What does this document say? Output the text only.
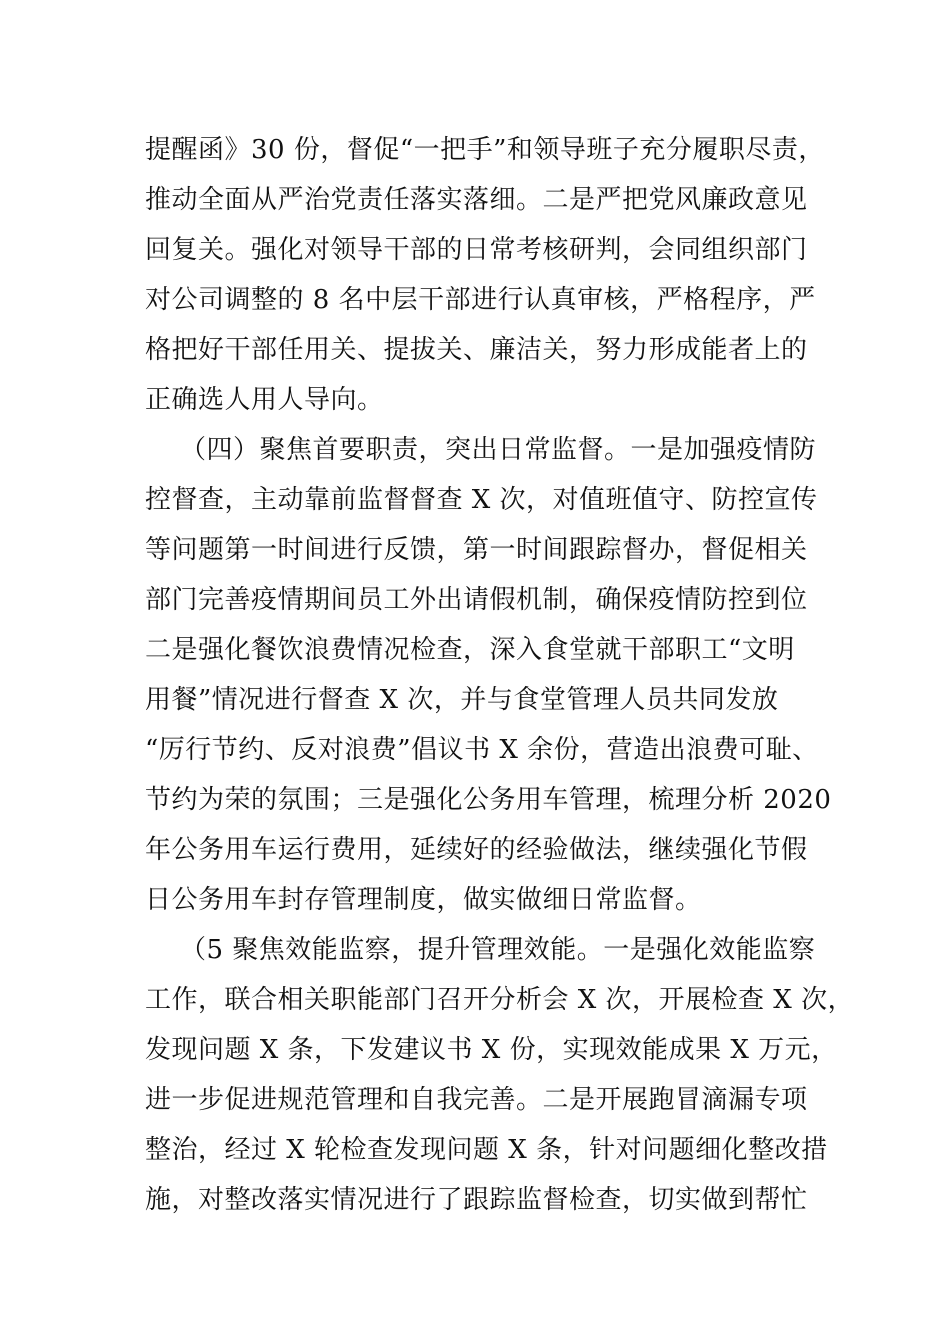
提醒函》30 份，督促“一把手”和领导班子充分履职尽责，
推动全面从严治党责任落实落细。二是严把党风廉政意见
回复关。强化对领导干部的日常考核研判，会同组织部门
对公司调整的 8 名中层干部进行认真审核，严格程序，严
格把好干部任用关、提拔关、廉洁关，努力形成能者上的
正确选人用人导向。
（四）聚焦首要职责，突出日常监督。一是加强疫情防
控督查，主动靠前监督督查 X 次，对值班值守、防控宣传
等问题第一时间进行反馈，第一时间跟踪督办，督促相关
部门完善疫情期间员工外出请假机制，确保疫情防控到位
二是强化餐饮浪费情况检查，深入食堂就干部职工“文明
用餐”情况进行督查 X 次，并与食堂管理人员共同发放
“厉行节约、反对浪费”倡议书 X 余份，营造出浪费可耻、
节约为荣的氛围；三是强化公务用车管理，梳理分析 2020
年公务用车运行费用，延续好的经验做法，继续强化节假
日公务用车封存管理制度，做实做细日常监督。
（5 聚焦效能监察，提升管理效能。一是强化效能监察
工作，联合相关职能部门召开分析会 X 次，开展检查 X 次，
发现问题 X 条，下发建议书 X 份，实现效能成果 X 万元，
进一步促进规范管理和自我完善。二是开展跑冒滴漏专项
整治，经过 X 轮检查发现问题 X 条，针对问题细化整改措
施，对整改落实情况进行了跟踪监督检查，切实做到帮忙
